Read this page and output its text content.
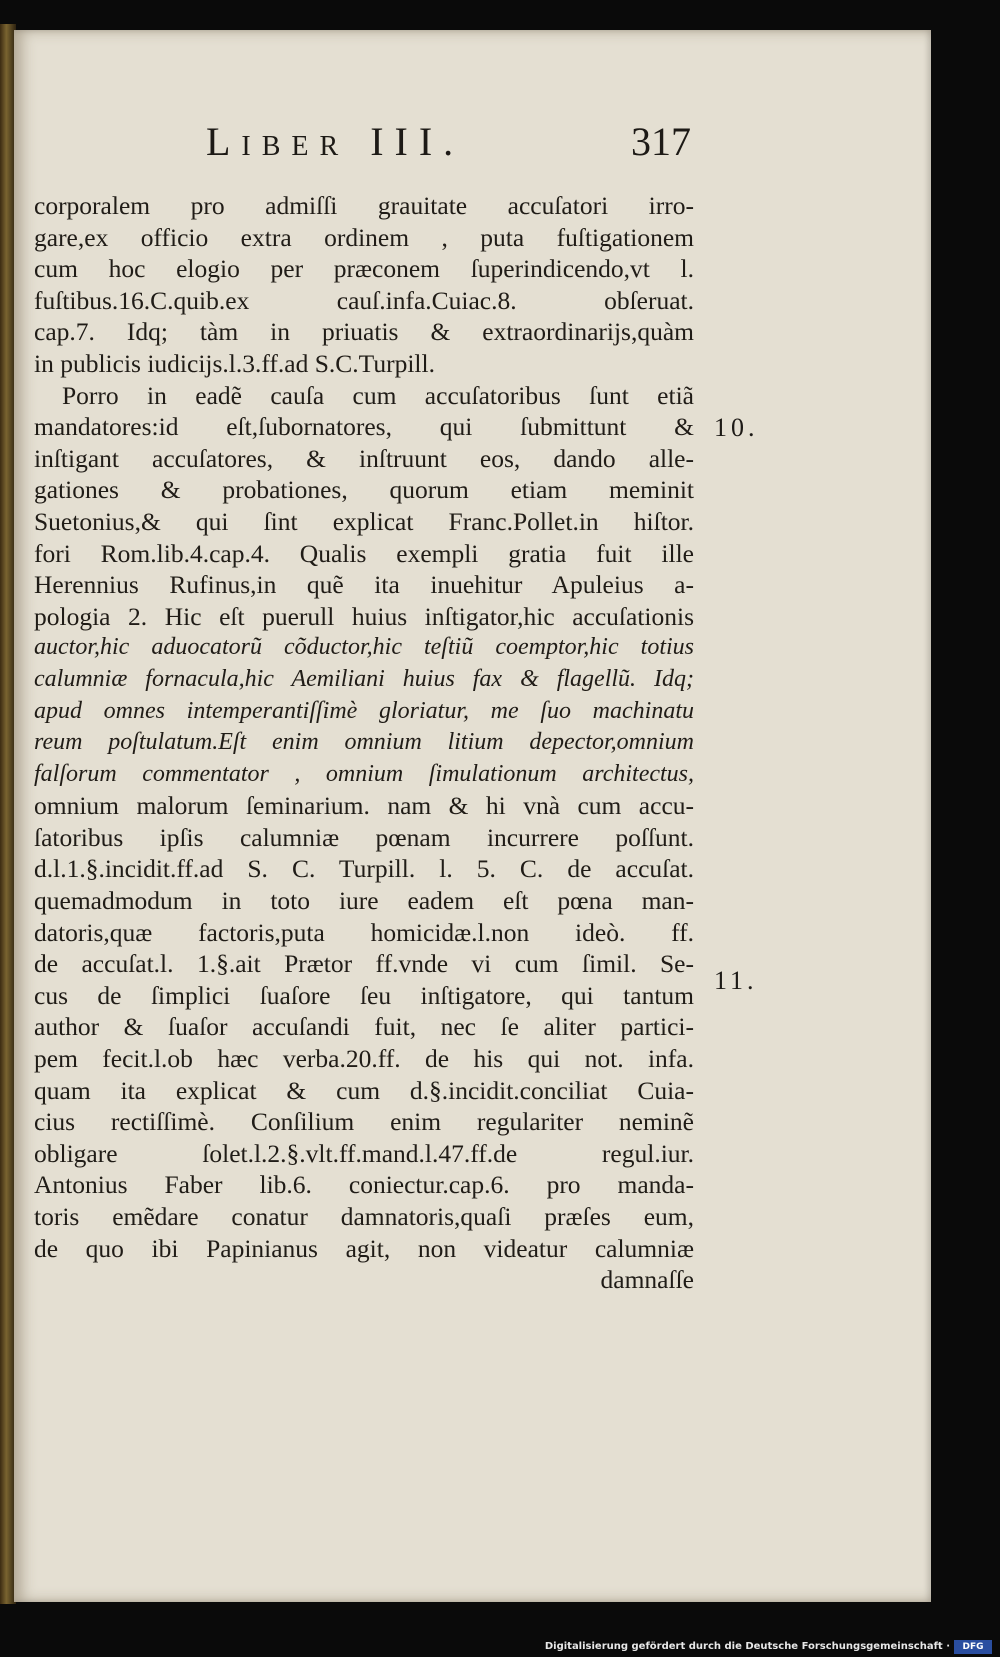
Liber III.	317
corporalem pro admiſſi grauitate accuſatori irro-
gare,ex officio extra ordinem , puta fuſtigationem
cum hoc elogio per præconem ſuperindicendo,vt l.
fuſtibus.16.C.quib.ex cauſ.infa.Cuiac.8. obſeruat.
cap.7. Idq; tàm in priuatis & extraordinarijs,quàm
in publicis iudicijs.l.3.ff.ad S.C.Turpill.
Porro in eadẽ cauſa cum accuſatoribus ſunt etiã
mandatores:id eſt,ſubornatores, qui ſubmittunt &
inſtigant accuſatores, & inſtruunt eos, dando alle-
gationes & probationes, quorum etiam meminit
Suetonius,& qui ſint explicat Franc.Pollet.in hiſtor.
fori Rom.lib.4.cap.4. Qualis exempli gratia fuit ille
Herennius Rufinus,in quẽ ita inuehitur Apuleius a-
pologia 2. Hic eſt puerull huius inſtigator,hic accuſationis
auctor,hic aduocatorũ cõductor,hic teſtiũ coemptor,hic totius
calumniæ fornacula,hic Aemiliani huius fax & flagellũ. Idq;
apud omnes intemperantiſſimè gloriatur, me ſuo machinatu
reum poſtulatum.Eſt enim omnium litium depector,omnium
falſorum commentator , omnium ſimulationum architectus,
omnium malorum ſeminarium. nam & hi vnà cum accu-
ſatoribus ipſis calumniæ pœnam incurrere poſſunt.
d.l.1.§.incidit.ff.ad S. C. Turpill. l. 5. C. de accuſat.
quemadmodum in toto iure eadem eſt pœna man-
datoris,quæ factoris,puta homicidæ.l.non ideò. ff.
de accuſat.l. 1.§.ait Prætor ff.vnde vi cum ſimil. Se-
cus de ſimplici ſuaſore ſeu inſtigatore, qui tantum
author & ſuaſor accuſandi fuit, nec ſe aliter partici-
pem fecit.l.ob hæc verba.20.ff. de his qui not. infa.
quam ita explicat & cum d.§.incidit.conciliat Cuia-
cius rectiſſimè. Conſilium enim regulariter neminẽ
obligare ſolet.l.2.§.vlt.ff.mand.l.47.ff.de regul.iur.
Antonius Faber lib.6. coniectur.cap.6. pro manda-
toris emẽdare conatur damnatoris,quaſi præſes eum,
de quo ibi Papinianus agit, non videatur calumniæ
damnaſſe
10.
11.
Digitalisierung gefördert durch die Deutsche Forschungsgemeinschaft ·	DFG
